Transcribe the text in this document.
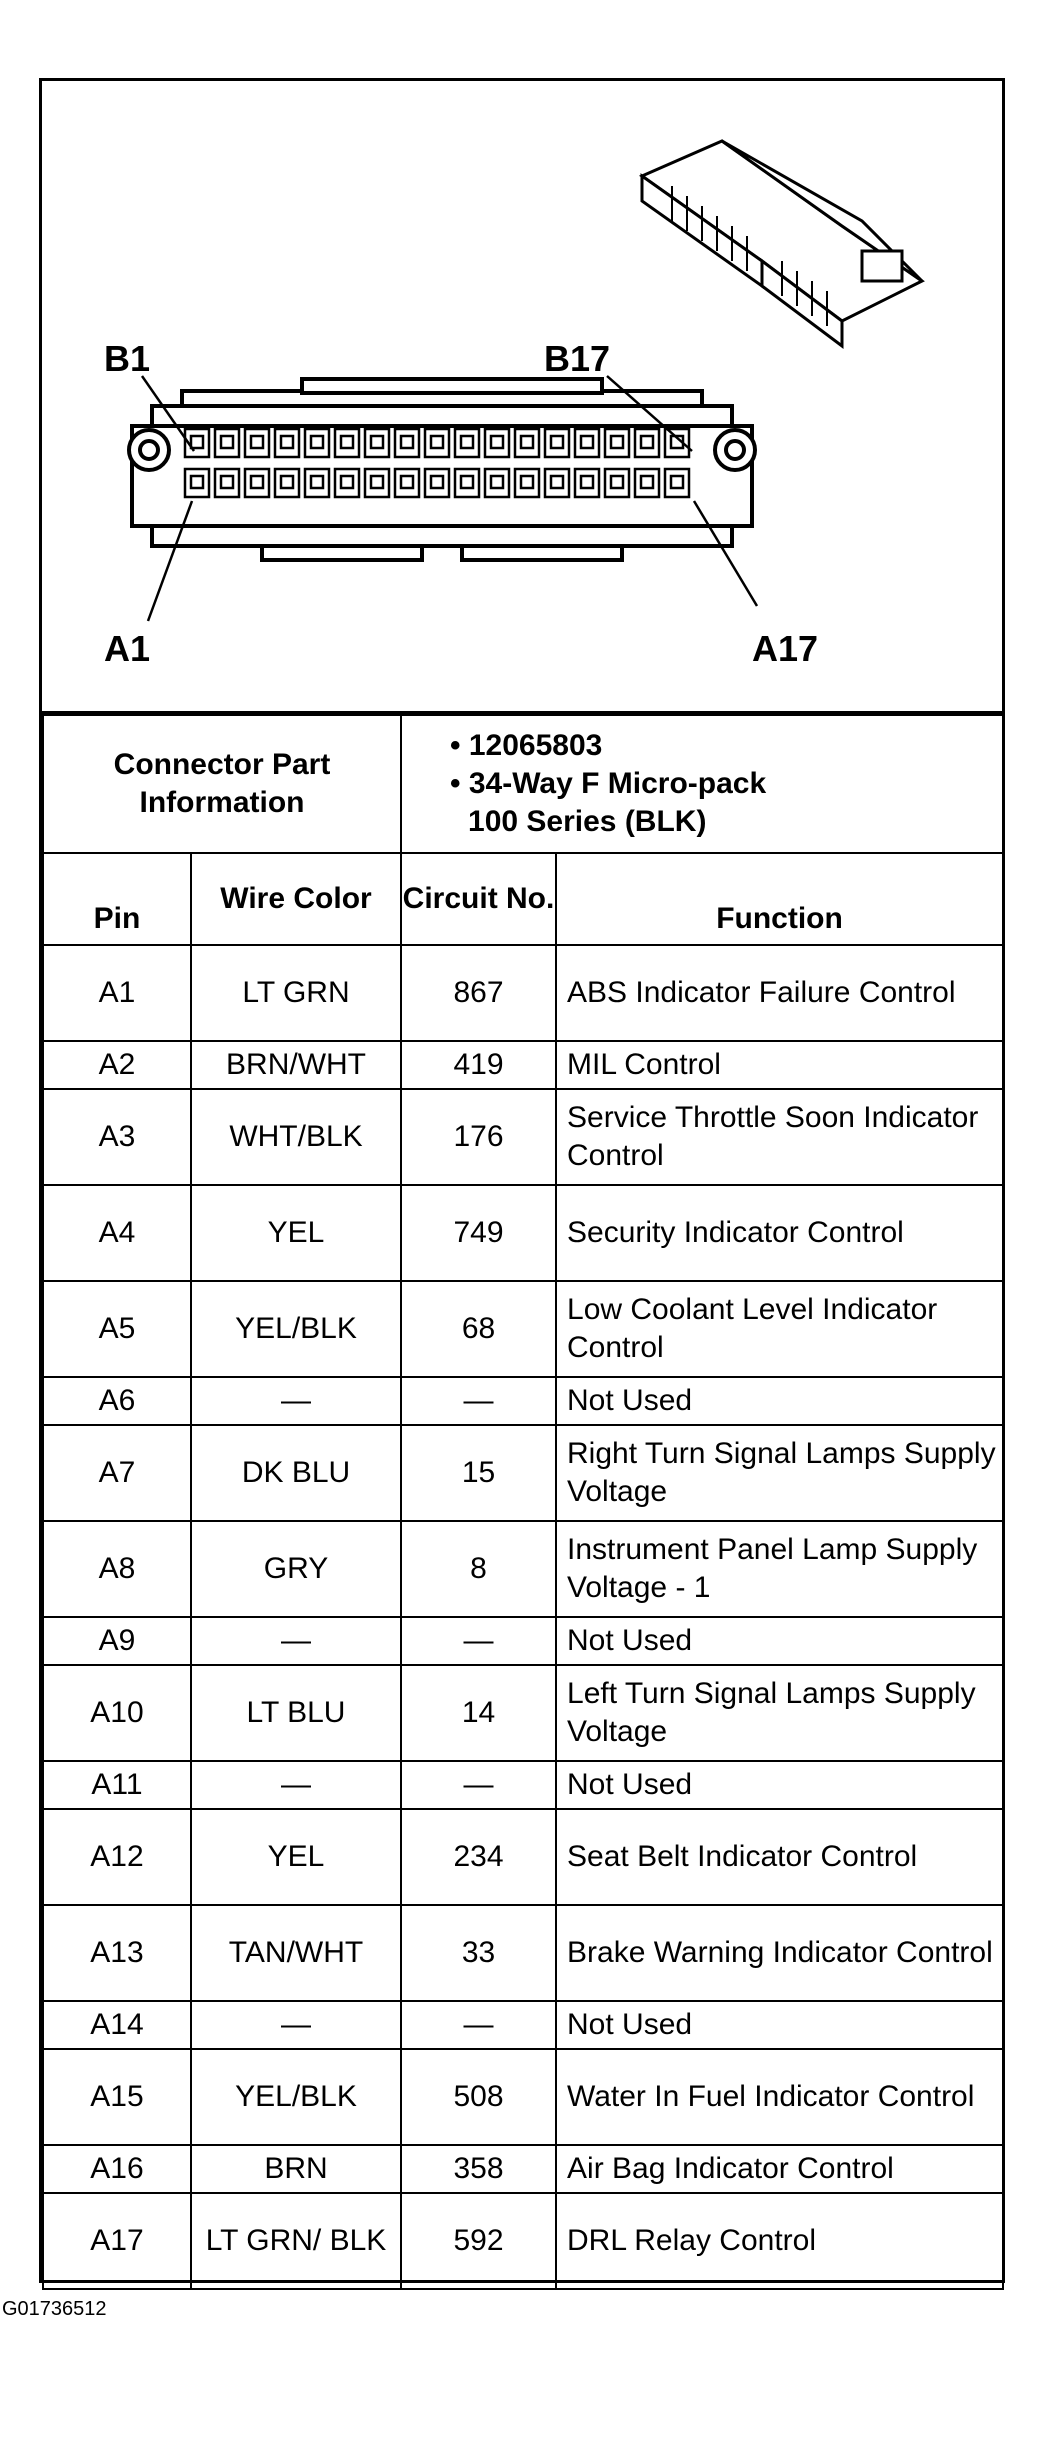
B1	B17
A1	A17
Connector Part Information		• 12065803
• 34-Way F Micro-pack
100 Series (BLK)	

Pin	Wire Color	Circuit No.	Function
A1	LT GRN	867	ABS Indicator Failure Control
A2	BRN/WHT	419	MIL Control
A3	WHT/BLK	176	Service Throttle Soon Indicator Control
A4	YEL	749	Security Indicator Control
A5	YEL/BLK	68	Low Coolant Level Indicator Control
A6	—	—	Not Used
A7	DK BLU	15	Right Turn Signal Lamps Supply Voltage
A8	GRY	8	Instrument Panel Lamp Supply Voltage - 1
A9	—	—	Not Used
A10	LT BLU	14	Left Turn Signal Lamps Supply Voltage
A11	—	—	Not Used
A12	YEL	234	Seat Belt Indicator Control
A13	TAN/WHT	33	Brake Warning Indicator Control
A14	—	—	Not Used
A15	YEL/BLK	508	Water In Fuel Indicator Control
A16	BRN	358	Air Bag Indicator Control
A17	LT GRN/ BLK	592	DRL Relay Control
G01736512
